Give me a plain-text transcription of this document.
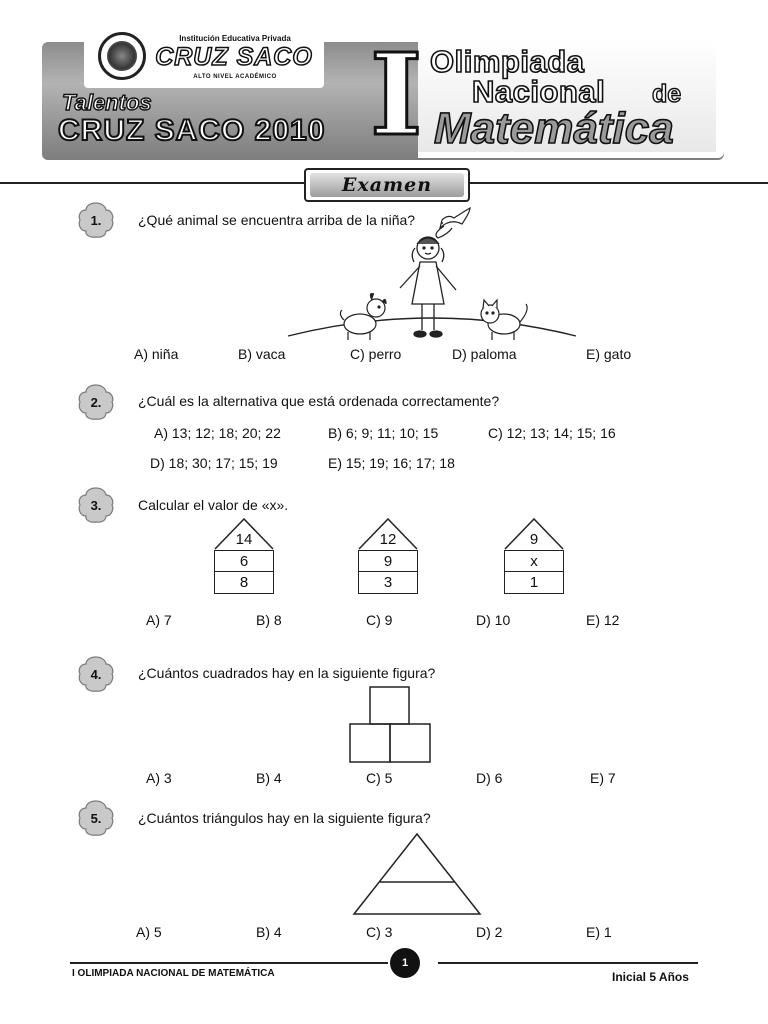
Institución Educativa Privada
CRUZ SACO
ALTO NIVEL ACADÉMICO
Talentos
CRUZ SACO 2010 I Olimpiada
Nacional de
Matemática
Examen
1.	¿Qué animal se encuentra arriba de la niña?
A) niña	B) vaca	C) perro	D) paloma	E) gato
2.	¿Cuál es la alternativa que está ordenada correctamente?
A) 13; 12; 18; 20; 22	B) 6; 9; 11; 10; 15	C) 12; 13; 14; 15; 16
D) 18; 30; 17; 15; 19	E) 15; 19; 16; 17; 18
3.	Calcular el valor de «x».
14
6
8
12
9
3
9
x
1
A) 7	B) 8	C) 9	D) 10	E) 12
4.	¿Cuántos cuadrados hay en la siguiente figura?
A) 3	B) 4	C) 5	D) 6	E) 7
5.	¿Cuántos triángulos hay en la siguiente figura?
A) 5	B) 4	C) 3	D) 2	E) 1
1
I OLIMPIADA NACIONAL DE MATEMÁTICA	Inicial 5 Años
